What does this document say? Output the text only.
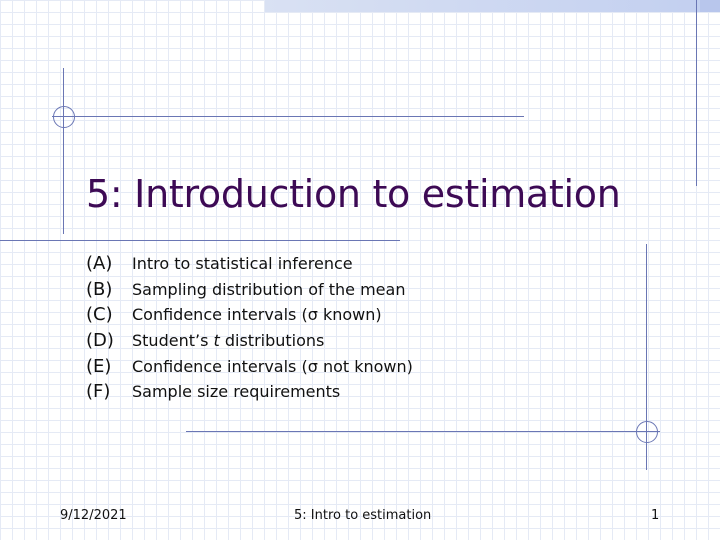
5: Introduction to estimation
(A)	Intro to statistical inference
(B)	Sampling distribution of the mean
(C)	Confidence intervals (σ known)
(D)	Student’s t distributions
(E)	Confidence intervals (σ not known)
(F)	Sample size requirements
9/12/2021	5: Intro to estimation	1
